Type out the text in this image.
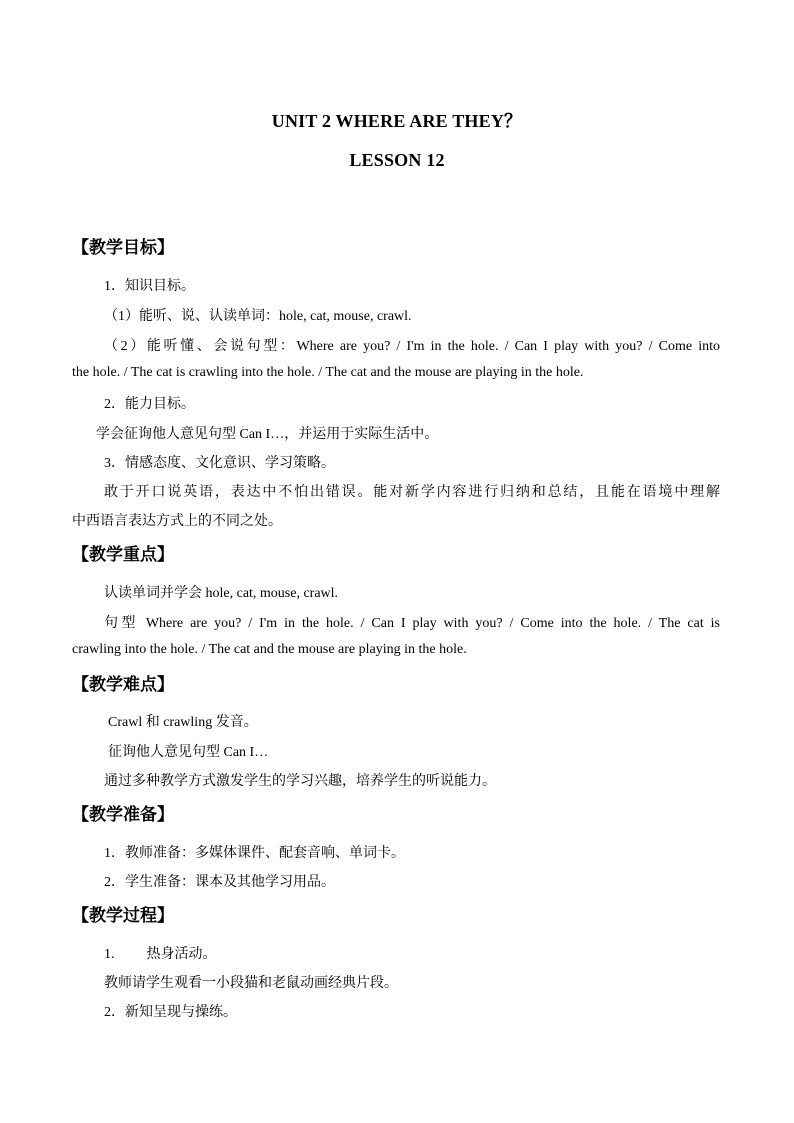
UNIT 2 WHERE ARE THEY？
LESSON 12
【教学目标】
1．知识目标。
（1）能听、说、认读单词：hole, cat, mouse, crawl.
（2）能听懂、会说句型：Where are you? / I'm in the hole. / Can I play with you? / Come into
the hole. / The cat is crawling into the hole. / The cat and the mouse are playing in the hole.
2．能力目标。
学会征询他人意见句型 Can I…，并运用于实际生活中。
3．情感态度、文化意识、学习策略。
敢于开口说英语，表达中不怕出错误。能对新学内容进行归纳和总结，且能在语境中理解
中西语言表达方式上的不同之处。
【教学重点】
认读单词并学会 hole, cat, mouse, crawl.
句型 Where are you? / I'm in the hole. / Can I play with you? / Come into the hole. / The cat is
crawling into the hole. / The cat and the mouse are playing in the hole.
【教学难点】
Crawl 和 crawling 发音。
征询他人意见句型 Can I…
通过多种教学方式激发学生的学习兴趣，培养学生的听说能力。
【教学准备】
1．教师准备：多媒体课件、配套音响、单词卡。
2．学生准备：课本及其他学习用品。
【教学过程】
1. 热身活动。
教师请学生观看一小段猫和老鼠动画经典片段。
2．新知呈现与操练。
